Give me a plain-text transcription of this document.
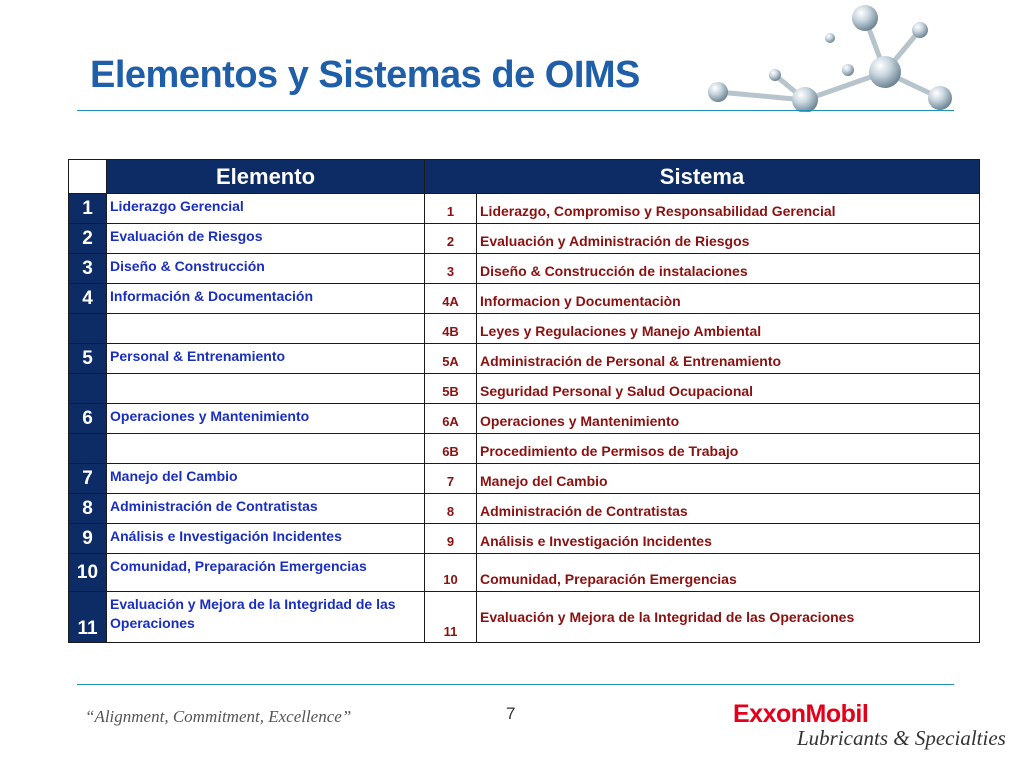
Elementos y Sistemas de OIMS
	Elemento	Sistema	
1	Liderazgo Gerencial	1	Liderazgo, Compromiso y Responsabilidad Gerencial
2	Evaluación de Riesgos	2	Evaluación y Administración de Riesgos
3	Diseño & Construcción	3	Diseño & Construcción de instalaciones
4	Información & Documentación	4A	Informacion y Documentaciòn
		4B	Leyes y Regulaciones y Manejo Ambiental
5	Personal & Entrenamiento	5A	Administración de Personal & Entrenamiento
		5B	Seguridad Personal y Salud Ocupacional
6	Operaciones y Mantenimiento	6A	Operaciones y Mantenimiento
		6B	Procedimiento de Permisos de Trabajo
7	Manejo del Cambio	7	Manejo del Cambio
8	Administración de Contratistas	8	Administración de Contratistas
9	Análisis e Investigación Incidentes	9	Análisis e Investigación Incidentes
10	Comunidad, Preparación Emergencias	10	Comunidad, Preparación Emergencias
11	Evaluación y Mejora de la Integridad de las Operaciones	11	Evaluación y Mejora de la Integridad de las Operaciones
“Alignment, Commitment, Excellence”	7	ExxonMobil
Lubricants & Specialties
